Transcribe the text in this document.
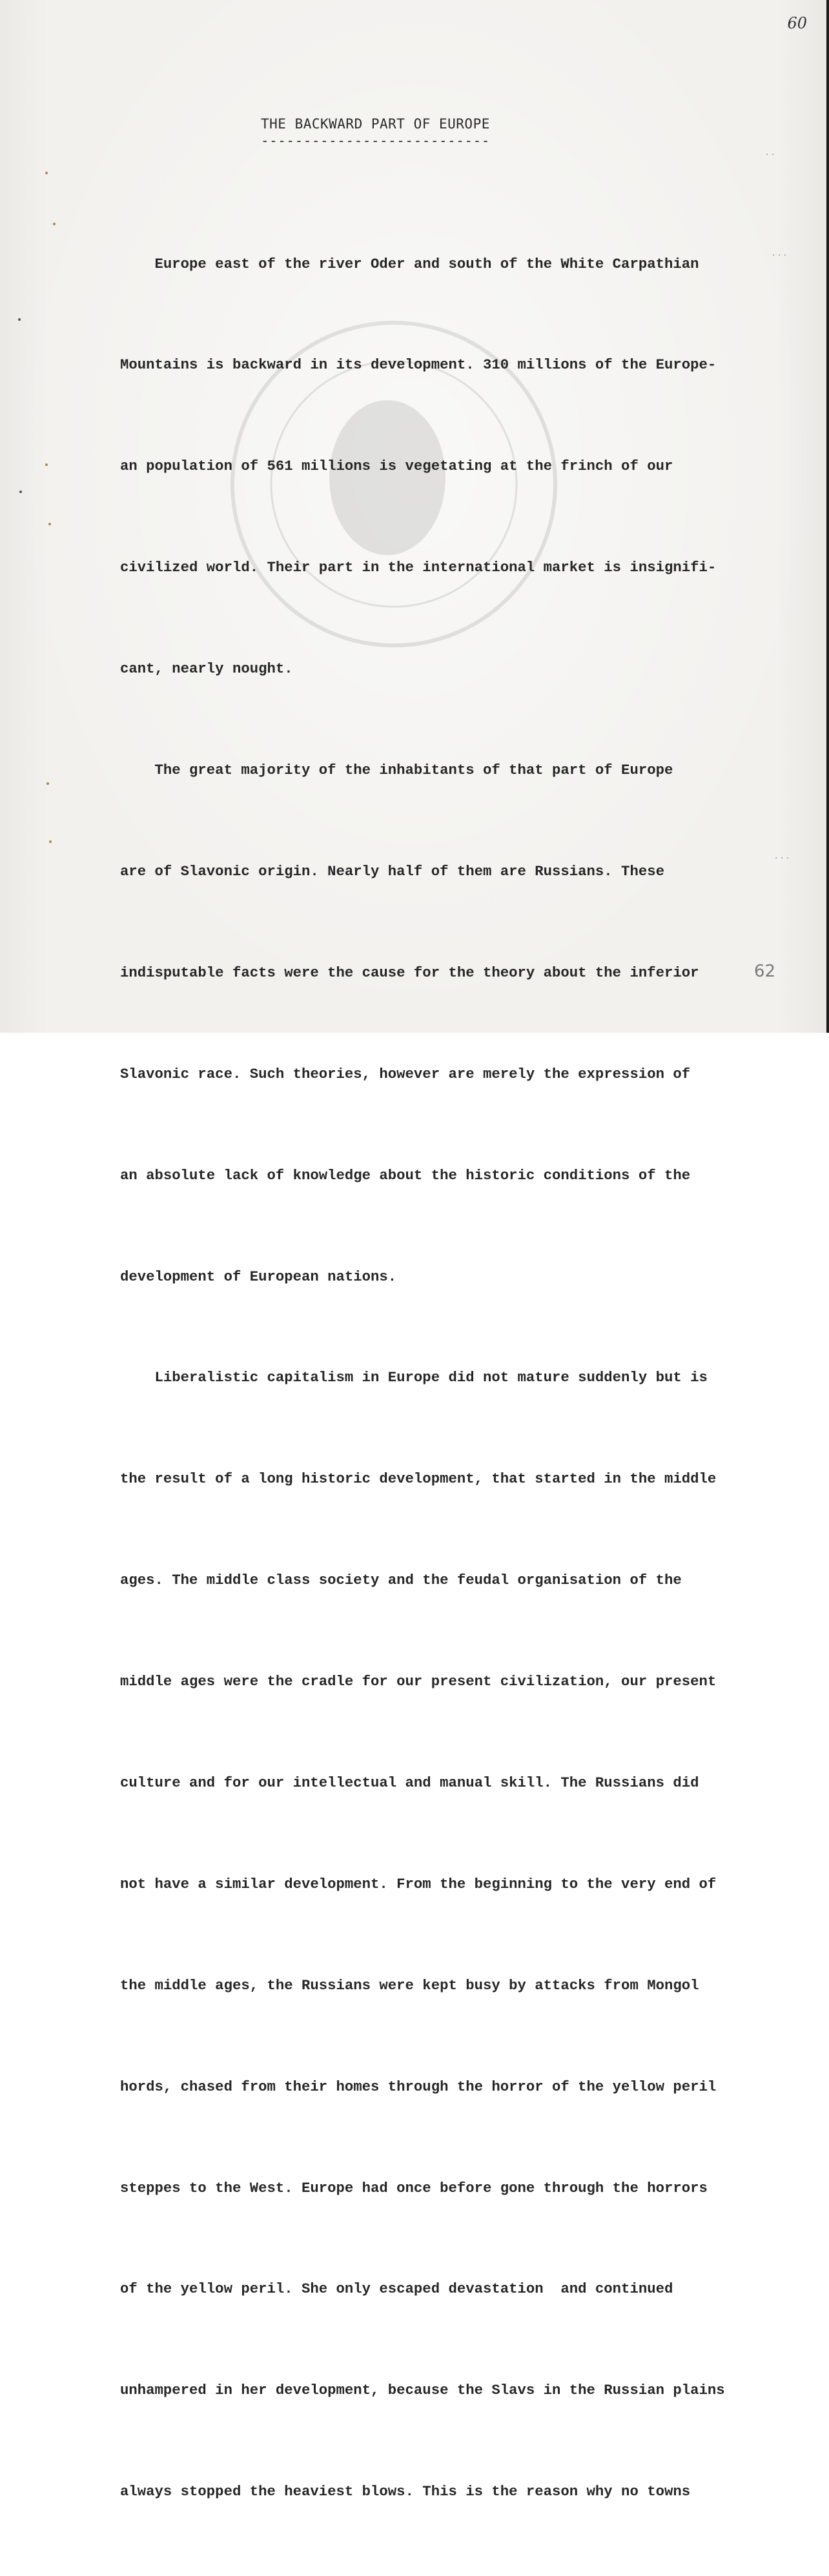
60
THE BACKWARD PART OF EUROPE
---------------------------

Europe east of the river Oder and south of the White Carpathian

Mountains is backward in its development. 310 millions of the Europe-

an population of 561 millions is vegetating at the frinch of our

civilized world. Their part in the international market is insignifi-

cant, nearly nought.

The great majority of the inhabitants of that part of Europe

are of Slavonic origin. Nearly half of them are Russians. These

indisputable facts were the cause for the theory about the inferior

Slavonic race. Such theories, however are merely the expression of

an absolute lack of knowledge about the historic conditions of the

development of European nations.

Liberalistic capitalism in Europe did not mature suddenly but is

the result of a long historic development, that started in the middle

ages. The middle class society and the feudal organisation of the

middle ages were the cradle for our present civilization, our present

culture and for our intellectual and manual skill. The Russians did

not have a similar development. From the beginning to the very end of

the middle ages, the Russians were kept busy by attacks from Mongol

hords, chased from their homes through the horror of the yellow peril

steppes to the West. Europe had once before gone through the horrors

of the yellow peril. She only escaped devastation  and continued

unhampered in her development, because the Slavs in the Russian plains

always stopped the heaviest blows. This is the reason why no towns

62
· ·
· · ·
· · ·
